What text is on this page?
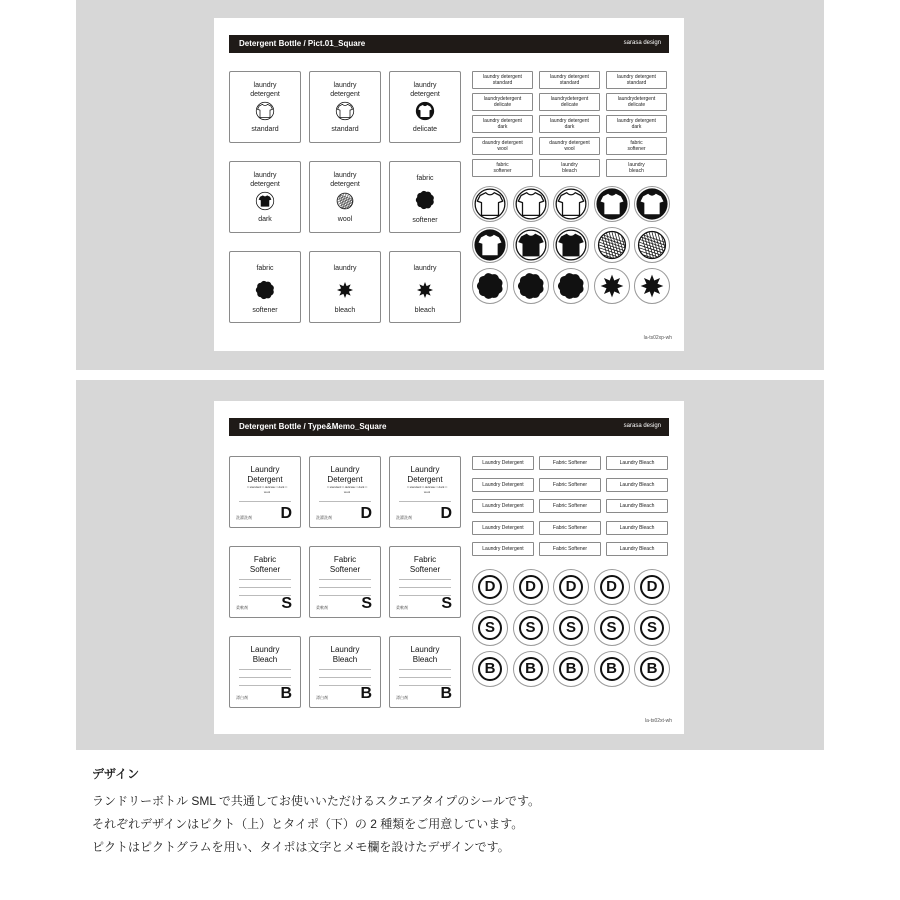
Detergent Bottle / Pict.01_Square	sarasa design
laundry
detergent
standard
laundry
detergent
standard
laundry
detergent
delicate
laundry
detergent
dark
laundry
detergent
wool
fabric
softener
fabric
softener
laundry
bleach
laundry
bleach
laundry detergent
standard
laundry detergent
standard
laundry detergent
standard
laundrydetergent
delicate
laundrydetergent
delicate
laundrydetergent
delicate
laundry detergent
dark
laundry detergent
dark
laundry detergent
dark
daundry detergent
wool
daundry detergent
wool
fabric
softener
fabric
softener
laundry
bleach
laundry
bleach
la-ts02xp-wh
Detergent Bottle / Type&Memo_Square	sarasa design
Laundry
Detergent
□ standard □ delicate □ dark □ wool
洗濯洗剤 D
Laundry
Detergent
□ standard □ delicate □ dark □ wool
洗濯洗剤 D
Laundry
Detergent
□ standard □ delicate □ dark □ wool
洗濯洗剤 D
Fabric
Softener
柔軟剤 S
Fabric
Softener
柔軟剤 S
Fabric
Softener
柔軟剤 S
Laundry
Bleach
漂白剤 B
Laundry
Bleach
漂白剤 B
Laundry
Bleach
漂白剤 B
Laundry Detergent	Fabric Softener	Laundry Bleach
Laundry Detergent	Fabric Softener	Laundry Bleach
Laundry Detergent	Fabric Softener	Laundry Bleach
Laundry Detergent	Fabric Softener	Laundry Bleach
Laundry Detergent	Fabric Softener	Laundry Bleach
D	D	D	D	D
S	S	S	S	S
B	B	B	B	B
la-ts02xt-wh
デザイン

ランドリーボトル SML で共通してお使いいただけるスクエアタイプのシールです。

それぞれデザインはピクト（上）とタイポ（下）の 2 種類をご用意しています。

ピクトはピクトグラムを用い、タイポは文字とメモ欄を設けたデザインです。
